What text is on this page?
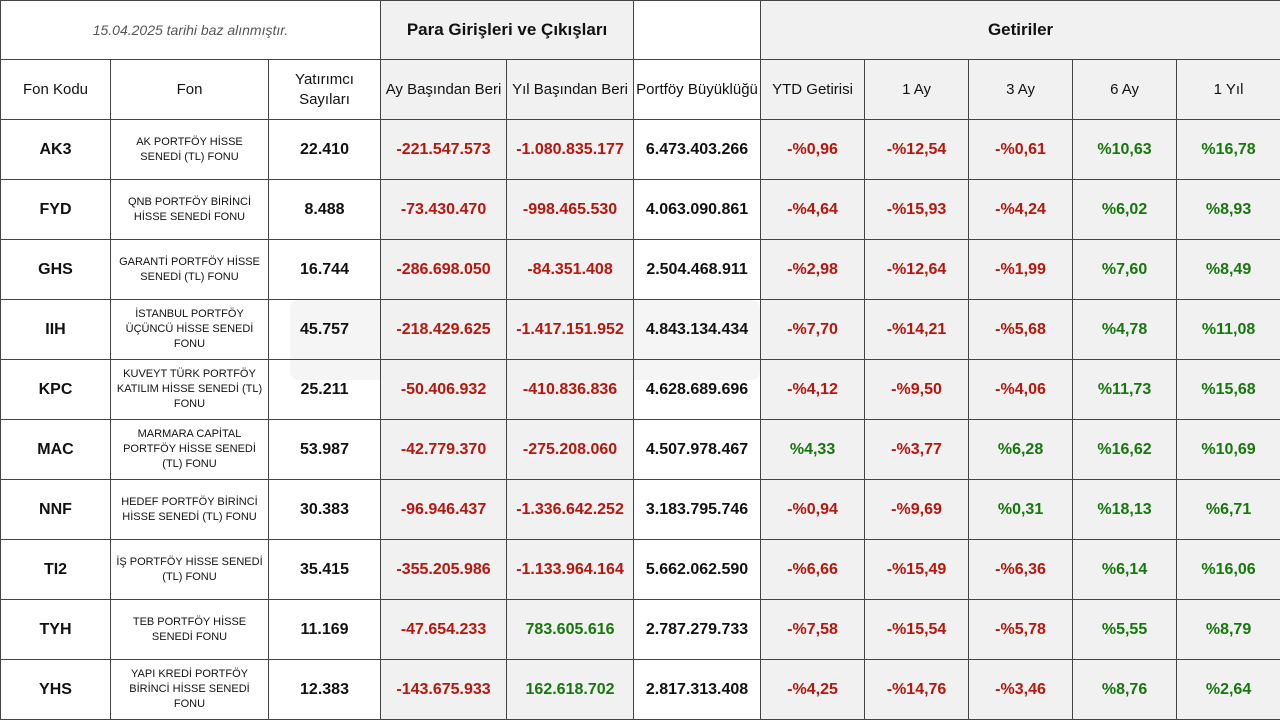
15.04.2025 tarihi baz alınmıştır.			Para Girişleri ve Çıkışları			Getiriler				
Fon Kodu	Fon	Yatırımcı Sayıları	Ay Başından Beri	Yıl Başından Beri	Portföy Büyüklüğü	YTD Getirisi	1 Ay	3 Ay	6 Ay	1 Yıl
AK3	AK PORTFÖY HİSSE SENEDİ (TL) FONU	22.410	-221.547.573	-1.080.835.177	6.473.403.266	-%0,96	-%12,54	-%0,61	%10,63	%16,78
FYD	QNB PORTFÖY BİRİNCİ HİSSE SENEDİ FONU	8.488	-73.430.470	-998.465.530	4.063.090.861	-%4,64	-%15,93	-%4,24	%6,02	%8,93
GHS	GARANTİ PORTFÖY HİSSE SENEDİ (TL) FONU	16.744	-286.698.050	-84.351.408	2.504.468.911	-%2,98	-%12,64	-%1,99	%7,60	%8,49
IIH	İSTANBUL PORTFÖY ÜÇÜNCÜ HİSSE SENEDİ FONU	45.757	-218.429.625	-1.417.151.952	4.843.134.434	-%7,70	-%14,21	-%5,68	%4,78	%11,08
KPC	KUVEYT TÜRK PORTFÖY KATILIM HİSSE SENEDİ (TL) FONU	25.211	-50.406.932	-410.836.836	4.628.689.696	-%4,12	-%9,50	-%4,06	%11,73	%15,68
MAC	MARMARA CAPİTAL PORTFÖY HİSSE SENEDİ (TL) FONU	53.987	-42.779.370	-275.208.060	4.507.978.467	%4,33	-%3,77	%6,28	%16,62	%10,69
NNF	HEDEF PORTFÖY BİRİNCİ HİSSE SENEDİ (TL) FONU	30.383	-96.946.437	-1.336.642.252	3.183.795.746	-%0,94	-%9,69	%0,31	%18,13	%6,71
TI2	İŞ PORTFÖY HİSSE SENEDİ (TL) FONU	35.415	-355.205.986	-1.133.964.164	5.662.062.590	-%6,66	-%15,49	-%6,36	%6,14	%16,06
TYH	TEB PORTFÖY HİSSE SENEDİ FONU	11.169	-47.654.233	783.605.616	2.787.279.733	-%7,58	-%15,54	-%5,78	%5,55	%8,79
YHS	YAPI KREDİ PORTFÖY BİRİNCİ HİSSE SENEDİ FONU	12.383	-143.675.933	162.618.702	2.817.313.408	-%4,25	-%14,76	-%3,46	%8,76	%2,64
